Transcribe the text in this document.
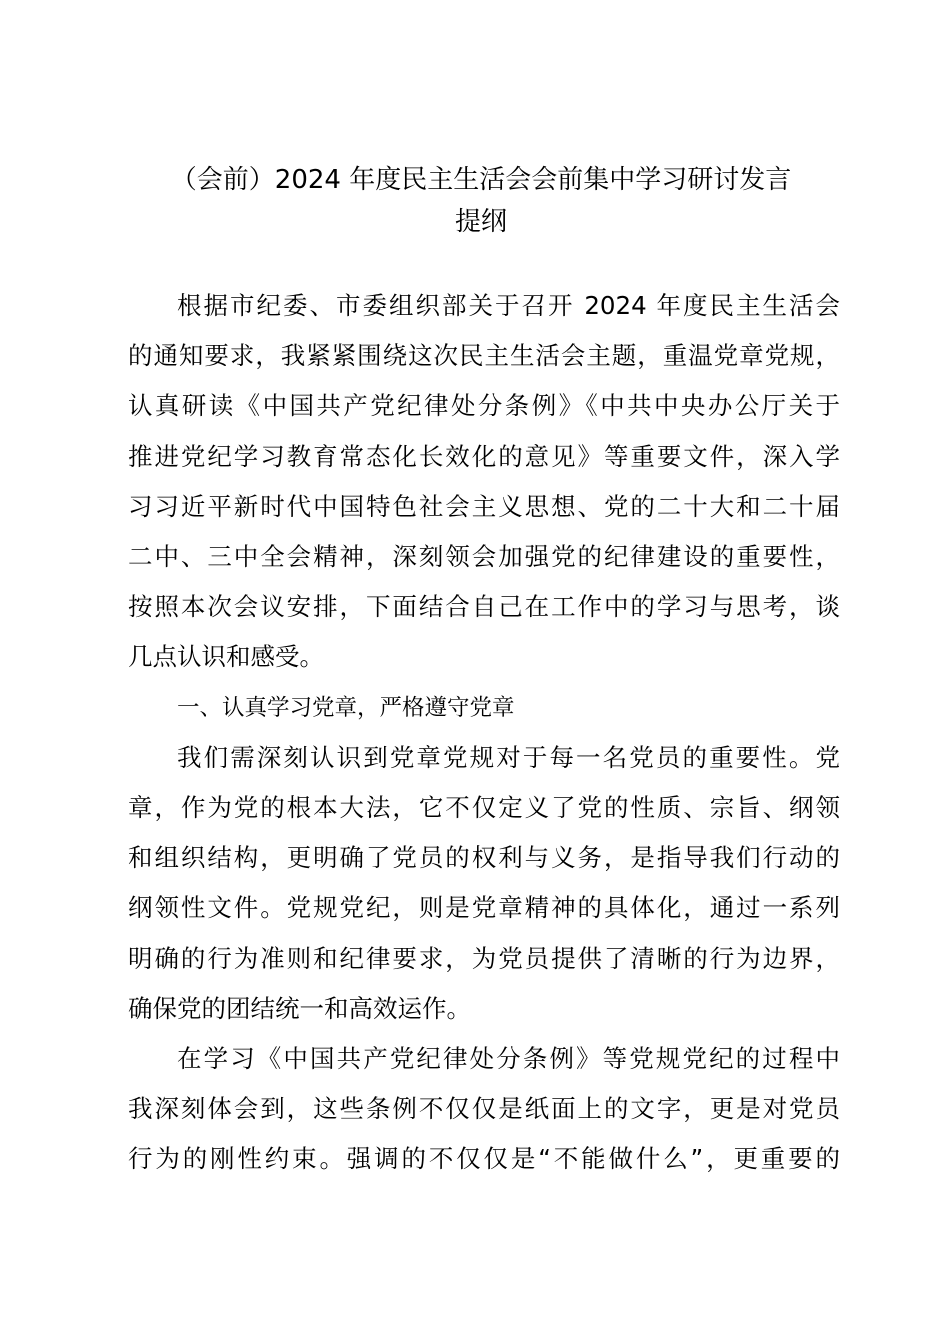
（会前）2024 年度民主生活会会前集中学习研讨发言
提纲
根据市纪委、市委组织部关于召开 2024 年度民主生活会
的通知要求，我紧紧围绕这次民主生活会主题，重温党章党规，
认真研读《中国共产党纪律处分条例》《中共中央办公厅关于
推进党纪学习教育常态化长效化的意见》等重要文件，深入学
习习近平新时代中国特色社会主义思想、党的二十大和二十届
二中、三中全会精神，深刻领会加强党的纪律建设的重要性，
按照本次会议安排，下面结合自己在工作中的学习与思考，谈
几点认识和感受。
一、认真学习党章，严格遵守党章
我们需深刻认识到党章党规对于每一名党员的重要性。党
章，作为党的根本大法，它不仅定义了党的性质、宗旨、纲领
和组织结构，更明确了党员的权利与义务，是指导我们行动的
纲领性文件。党规党纪，则是党章精神的具体化，通过一系列
明确的行为准则和纪律要求，为党员提供了清晰的行为边界，
确保党的团结统一和高效运作。
在学习《中国共产党纪律处分条例》等党规党纪的过程中
我深刻体会到，这些条例不仅仅是纸面上的文字，更是对党员
行为的刚性约束。强调的不仅仅是“不能做什么”，更重要的
